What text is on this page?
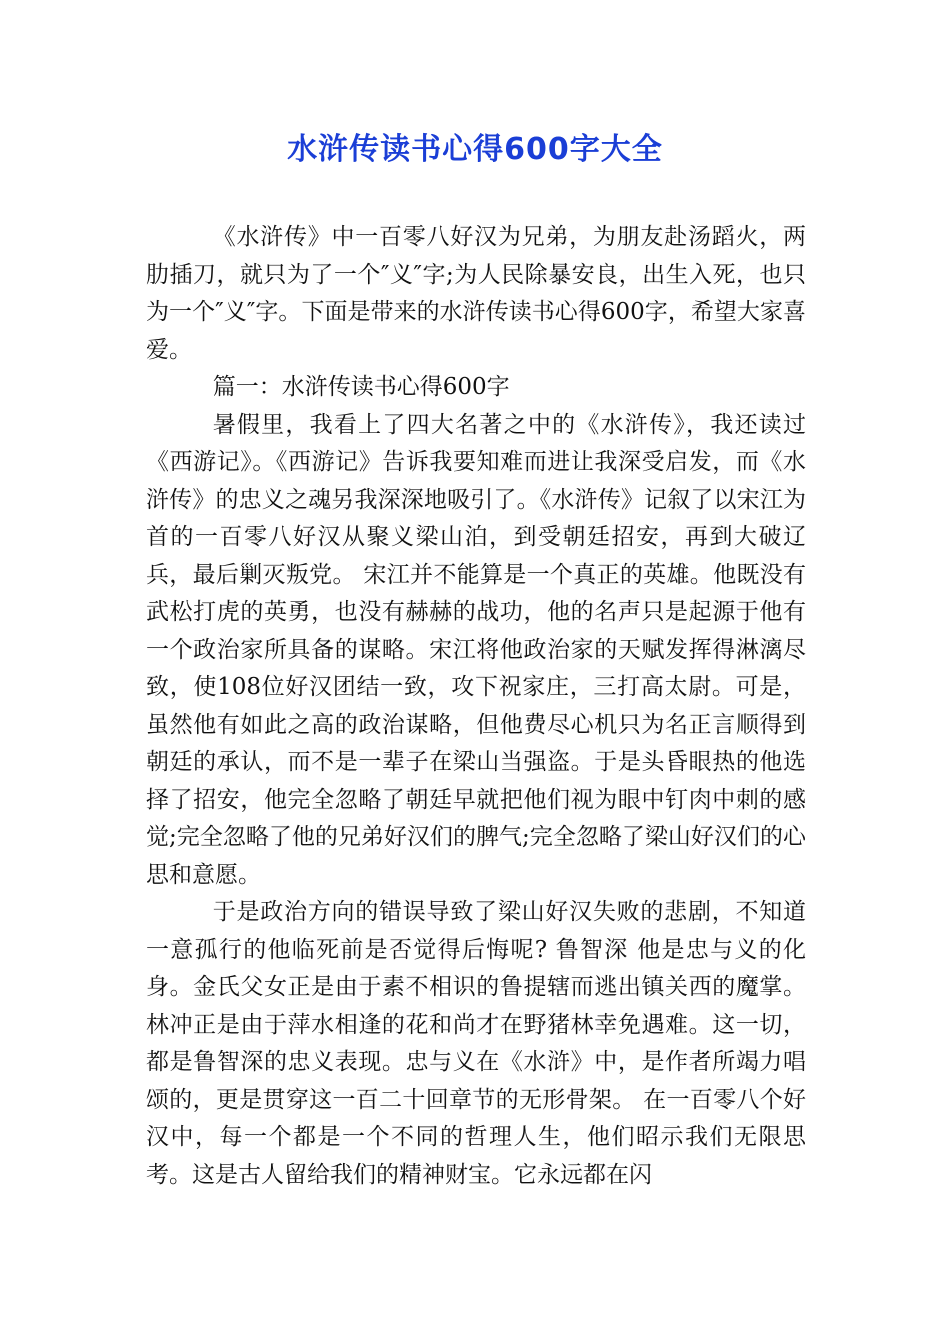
水浒传读书心得600字大全

《水浒传》中一百零八好汉为兄弟，为朋友赴汤蹈火，两肋插刀，就只为了一个″义″字;为人民除暴安良，出生入死，也只为一个″义″字。下面是带来的水浒传读书心得600字，希望大家喜爱。

篇一：水浒传读书心得600字

暑假里，我看上了四大名著之中的《水浒传》，我还读过《西游记》。《西游记》告诉我要知难而进让我深受启发，而《水浒传》的忠义之魂另我深深地吸引了。《水浒传》记叙了以宋江为首的一百零八好汉从聚义梁山泊，到受朝廷招安，再到大破辽兵，最后剿灭叛党。 宋江并不能算是一个真正的英雄。他既没有武松打虎的英勇，也没有赫赫的战功，他的名声只是起源于他有一个政治家所具备的谋略。宋江将他政治家的天赋发挥得淋漓尽致，使108位好汉团结一致，攻下祝家庄，三打高太尉。可是，虽然他有如此之高的政治谋略，但他费尽心机只为名正言顺得到朝廷的承认，而不是一辈子在梁山当强盗。于是头昏眼热的他选择了招安，他完全忽略了朝廷早就把他们视为眼中钉肉中刺的感觉;完全忽略了他的兄弟好汉们的脾气;完全忽略了梁山好汉们的心思和意愿。

于是政治方向的错误导致了梁山好汉失败的悲剧，不知道一意孤行的他临死前是否觉得后悔呢? 鲁智深 他是忠与义的化身。金氏父女正是由于素不相识的鲁提辖而逃出镇关西的魔掌。林冲正是由于萍水相逢的花和尚才在野猪林幸免遇难。这一切，都是鲁智深的忠义表现。忠与义在《水浒》中，是作者所竭力唱颂的，更是贯穿这一百二十回章节的无形骨架。 在一百零八个好汉中，每一个都是一个不同的哲理人生，他们昭示我们无限思考。这是古人留给我们的精神财宝。它永远都在闪
